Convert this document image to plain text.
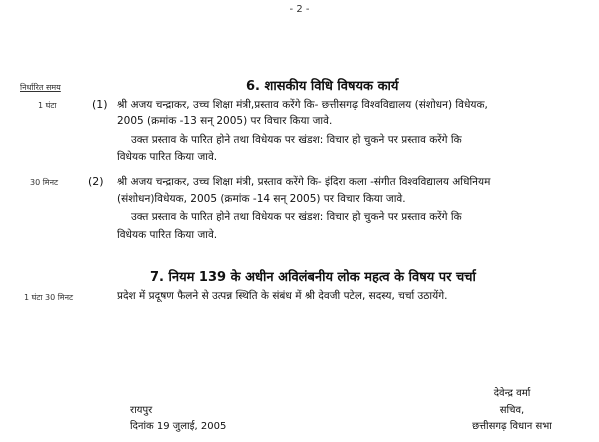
- 2 -
निर्धारित समय	6. शासकीय विधि विषयक कार्य
1 घंटा	(1) श्री अजय चन्द्राकर, उच्च शिक्षा मंत्री,प्रस्ताव करेंगे कि- छत्तीसगढ़ विश्वविद्यालय (संशोधन) विधेयक,
2005 (क्रमांक -13 सन् 2005) पर विचार किया जावे.
उक्त प्रस्ताव के पारित होने तथा विधेयक पर खंडश: विचार हो चुकने पर प्रस्ताव करेंगे कि
विधेयक पारित किया जावे.
30 मिनट	(2) श्री अजय चन्द्राकर, उच्च शिक्षा मंत्री, प्रस्ताव करेंगे कि- इंदिरा कला -संगीत विश्वविद्यालय अधिनियम
(संशोधन)विधेयक, 2005 (क्रमांक -14 सन् 2005) पर विचार किया जावे.
उक्त प्रस्ताव के पारित होने तथा विधेयक पर खंडश: विचार हो चुकने पर प्रस्ताव करेंगे कि
विधेयक पारित किया जावे.
7. नियम 139 के अधीन अविलंबनीय लोक महत्व के विषय पर चर्चा
1 घंटा 30 मिनट	प्रदेश में प्रदूषण फैलने से उत्पन्न स्थिति के संबंध में श्री देवजी पटेल, सदस्य, चर्चा उठायेंगे.
रायपुर
दिनांक 19 जुलाई, 2005
देवेन्द्र वर्मा
सचिव,
छत्तीसगढ़ विधान सभा
